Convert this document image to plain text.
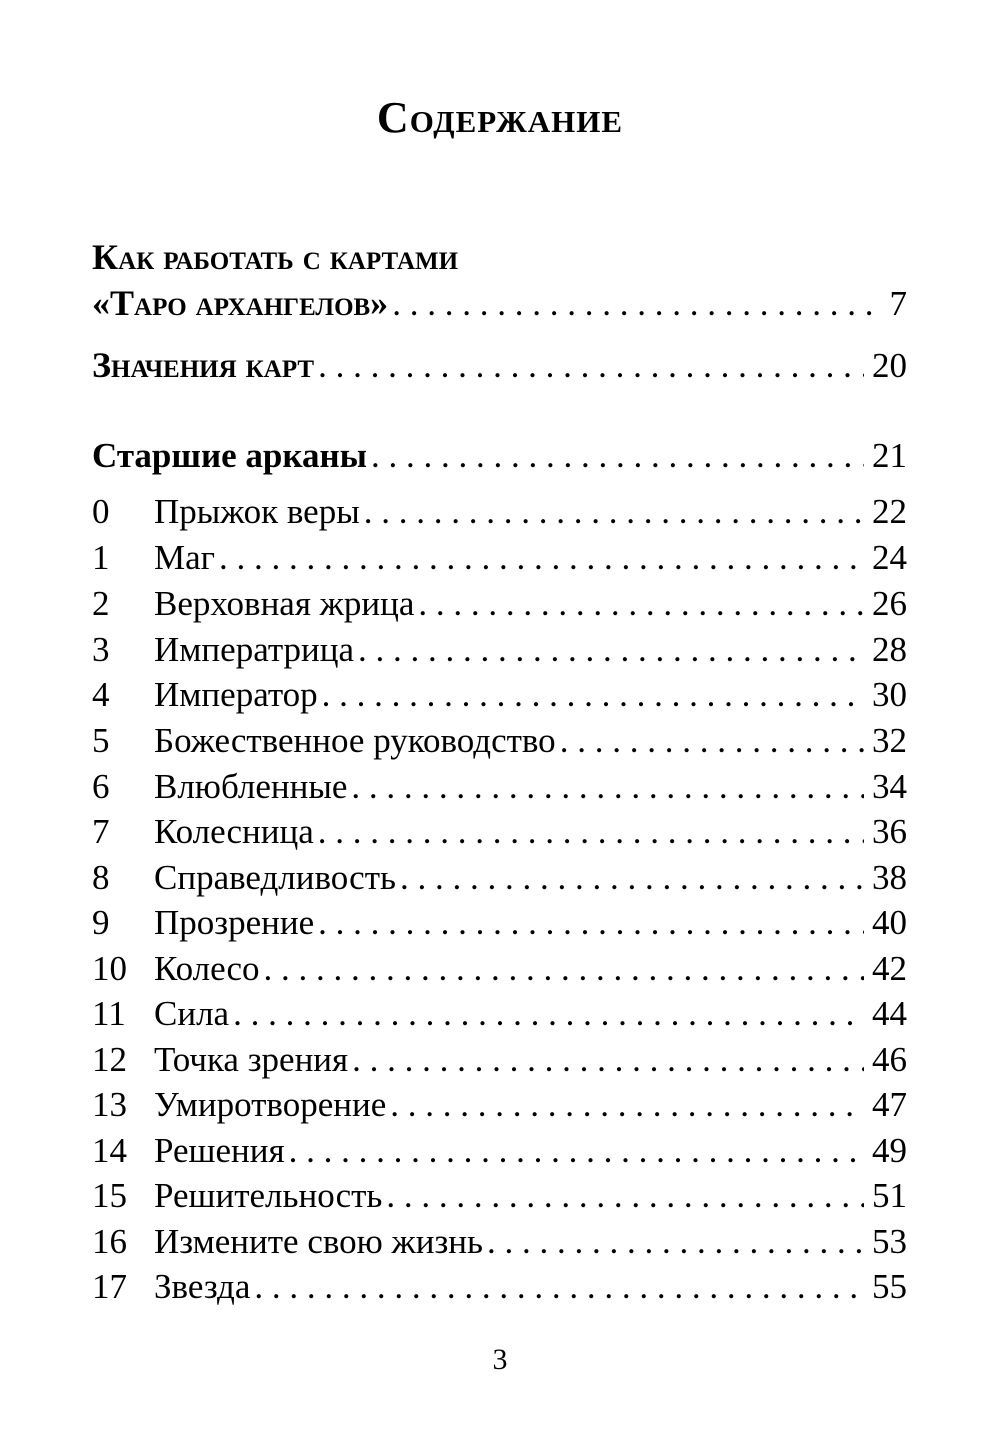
Содержание
Как работать с картами
«Таро архангелов» . . .	7
Значения карт . . .	20
Старшие арканы . . .	21
0	Прыжок веры . . .	22
1	Маг . . .	24
2	Верховная жрица . . .	26
3	Императрица . . .	28
4	Император . . .	30
5	Божественное руководство . . .	32
6	Влюбленные . . .	34
7	Колесница . . .	36
8	Справедливость . . .	38
9	Прозрение . . .	40
10 Колесо . . .	42
11 Сила . . .	44
12 Точка зрения . . .	46
13 Умиротворение . . .	47
14 Решения . . .	49
15 Решительность . . .	51
16 Измените свою жизнь . . .	53
17 Звезда . . .	55
3
